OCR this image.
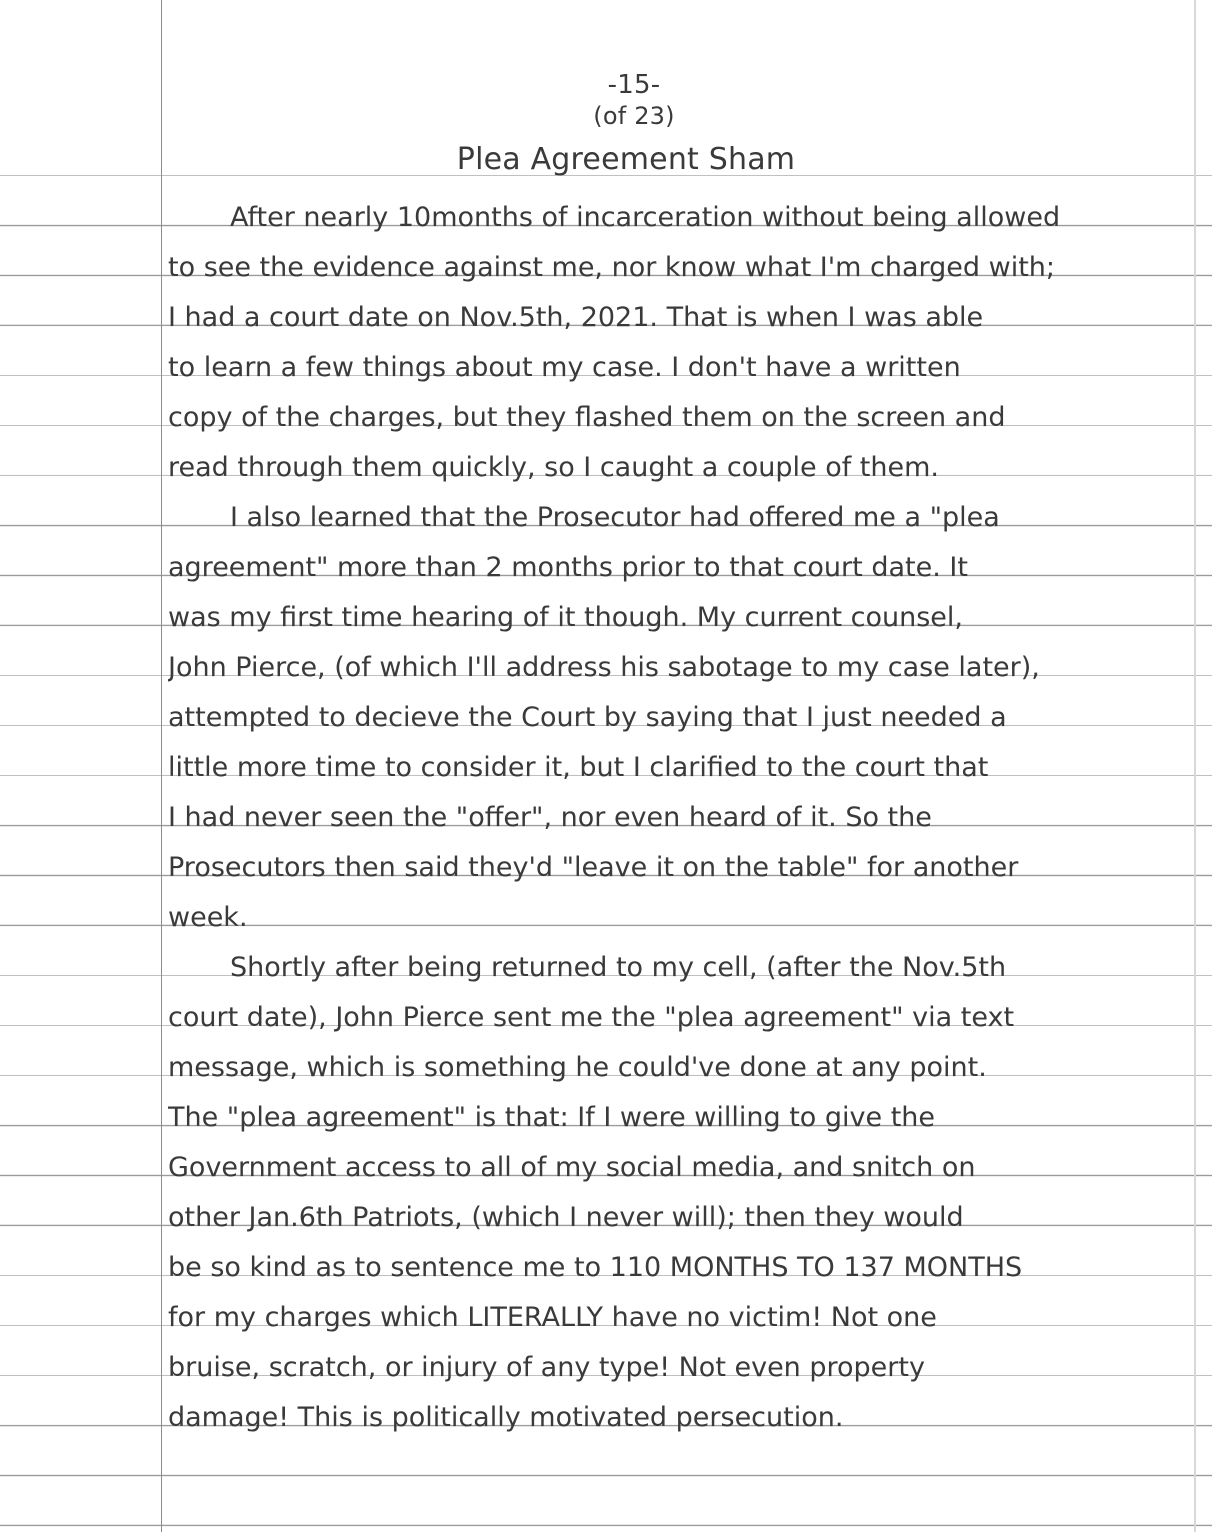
-15-
(of 23)
Plea Agreement Sham
After nearly 10months of incarceration without being allowed
to see the evidence against me, nor know what I'm charged with;
I had a court date on Nov.5th, 2021. That is when I was able
to learn a few things about my case. I don't have a written
copy of the charges, but they flashed them on the screen and
read through them quickly, so I caught a couple of them.
I also learned that the Prosecutor had offered me a "plea
agreement" more than 2 months prior to that court date. It
was my first time hearing of it though. My current counsel,
John Pierce, (of which I'll address his sabotage to my case later),
attempted to decieve the Court by saying that I just needed a
little more time to consider it, but I clarified to the court that
I had never seen the "offer", nor even heard of it. So the
Prosecutors then said they'd "leave it on the table" for another
week.
Shortly after being returned to my cell, (after the Nov.5th
court date), John Pierce sent me the "plea agreement" via text
message, which is something he could've done at any point.
The "plea agreement" is that: If I were willing to give the
Government access to all of my social media, and snitch on
other Jan.6th Patriots, (which I never will); then they would
be so kind as to sentence me to 110 MONTHS TO 137 MONTHS
for my charges which LITERALLY have no victim! Not one
bruise, scratch, or injury of any type! Not even property
damage! This is politically motivated persecution.
